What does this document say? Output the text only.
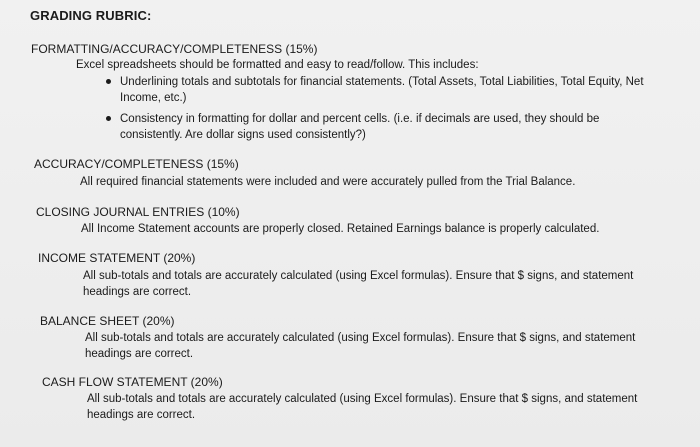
GRADING RUBRIC:
FORMATTING/ACCURACY/COMPLETENESS (15%)
Excel spreadsheets should be formatted and easy to read/follow. This includes:
Underlining totals and subtotals for financial statements. (Total Assets, Total Liabilities, Total Equity, Net Income, etc.)
Consistency in formatting for dollar and percent cells. (i.e. if decimals are used, they should be consistently. Are dollar signs used consistently?)
ACCURACY/COMPLETENESS (15%)
All required financial statements were included and were accurately pulled from the Trial Balance.
CLOSING JOURNAL ENTRIES (10%)
All Income Statement accounts are properly closed. Retained Earnings balance is properly calculated.
INCOME STATEMENT (20%)
All sub-totals and totals are accurately calculated (using Excel formulas). Ensure that $ signs, and statement headings are correct.
BALANCE SHEET (20%)
All sub-totals and totals are accurately calculated (using Excel formulas). Ensure that $ signs, and statement headings are correct.
CASH FLOW STATEMENT (20%)
All sub-totals and totals are accurately calculated (using Excel formulas). Ensure that $ signs, and statement headings are correct.
